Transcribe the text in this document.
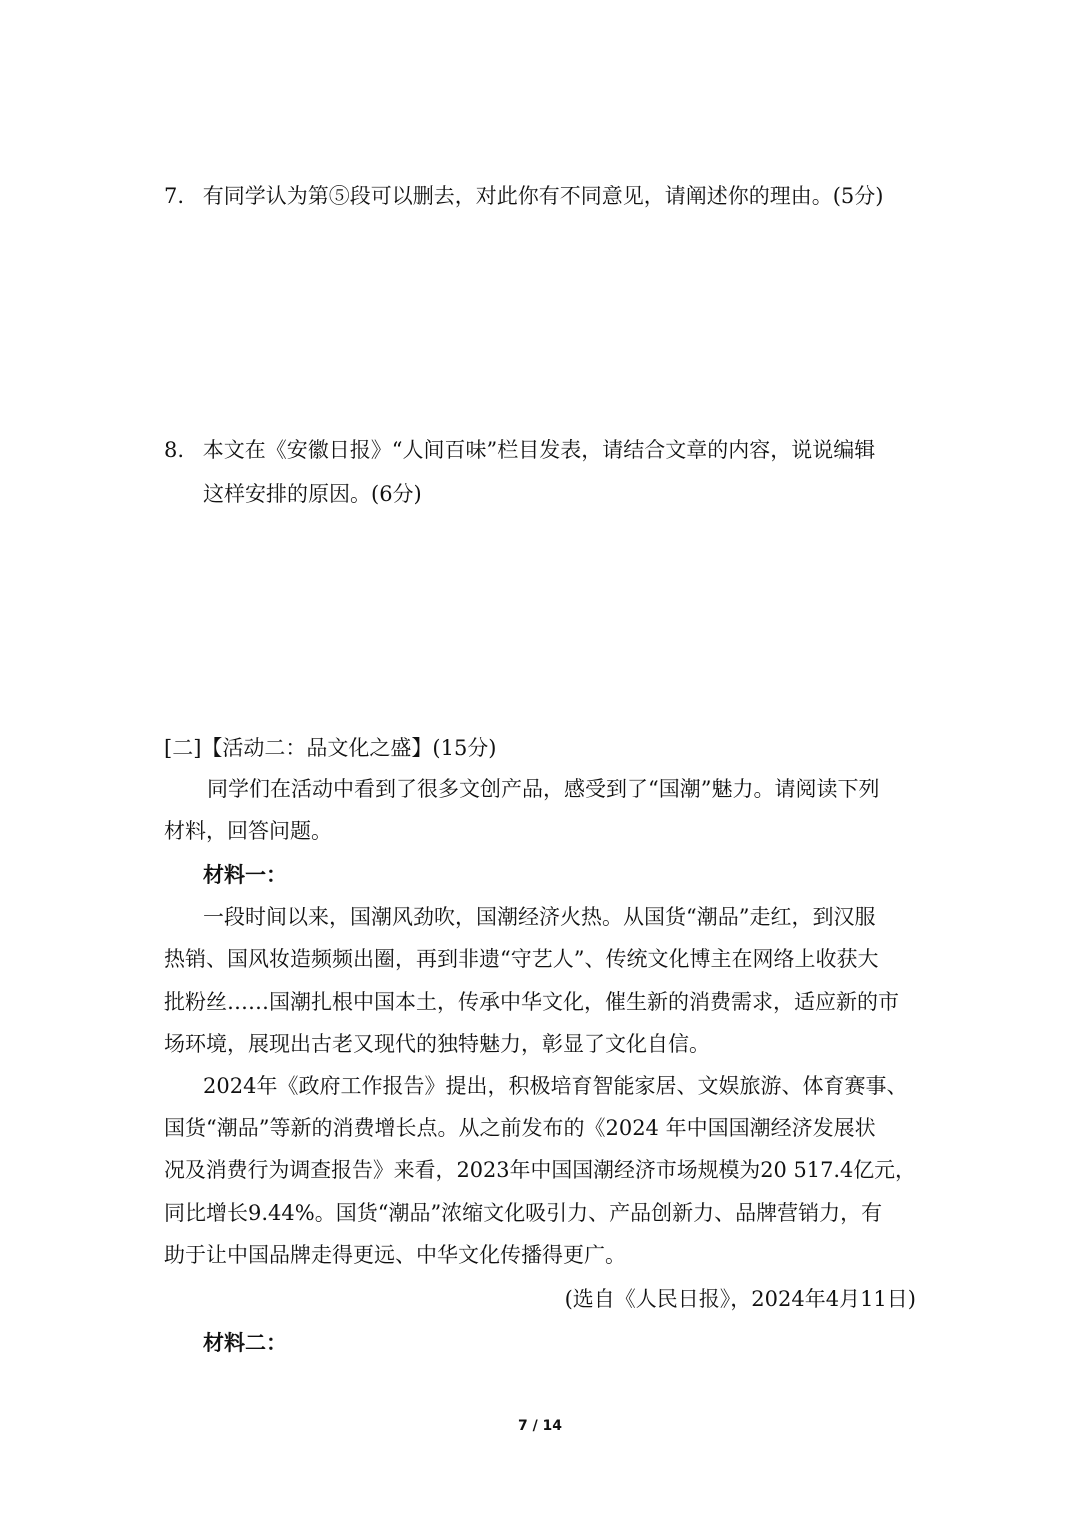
7. 有同学认为第⑤段可以删去，对此你有不同意见，请阐述你的理由。(5分)
8. 本文在《安徽日报》“人间百味”栏目发表，请结合文章的内容，说说编辑
这样安排的原因。(6分)
[二]【活动二：品文化之盛】(15分)
同学们在活动中看到了很多文创产品，感受到了“国潮”魅力。请阅读下列
材料，回答问题。
材料一：
一段时间以来，国潮风劲吹，国潮经济火热。从国货“潮品”走红，到汉服
热销、国风妆造频频出圈，再到非遗“守艺人”、传统文化博主在网络上收获大
批粉丝……国潮扎根中国本土，传承中华文化，催生新的消费需求，适应新的市
场环境，展现出古老又现代的独特魅力，彰显了文化自信。
2024年《政府工作报告》提出，积极培育智能家居、文娱旅游、体育赛事、
国货“潮品”等新的消费增长点。从之前发布的《2024 年中国国潮经济发展状
况及消费行为调查报告》来看，2023年中国国潮经济市场规模为20 517.4亿元，
同比增长9.44%。国货“潮品”浓缩文化吸引力、产品创新力、品牌营销力，有
助于让中国品牌走得更远、中华文化传播得更广。
(选自《人民日报》，2024年4月11日)
材料二：
7 / 14
